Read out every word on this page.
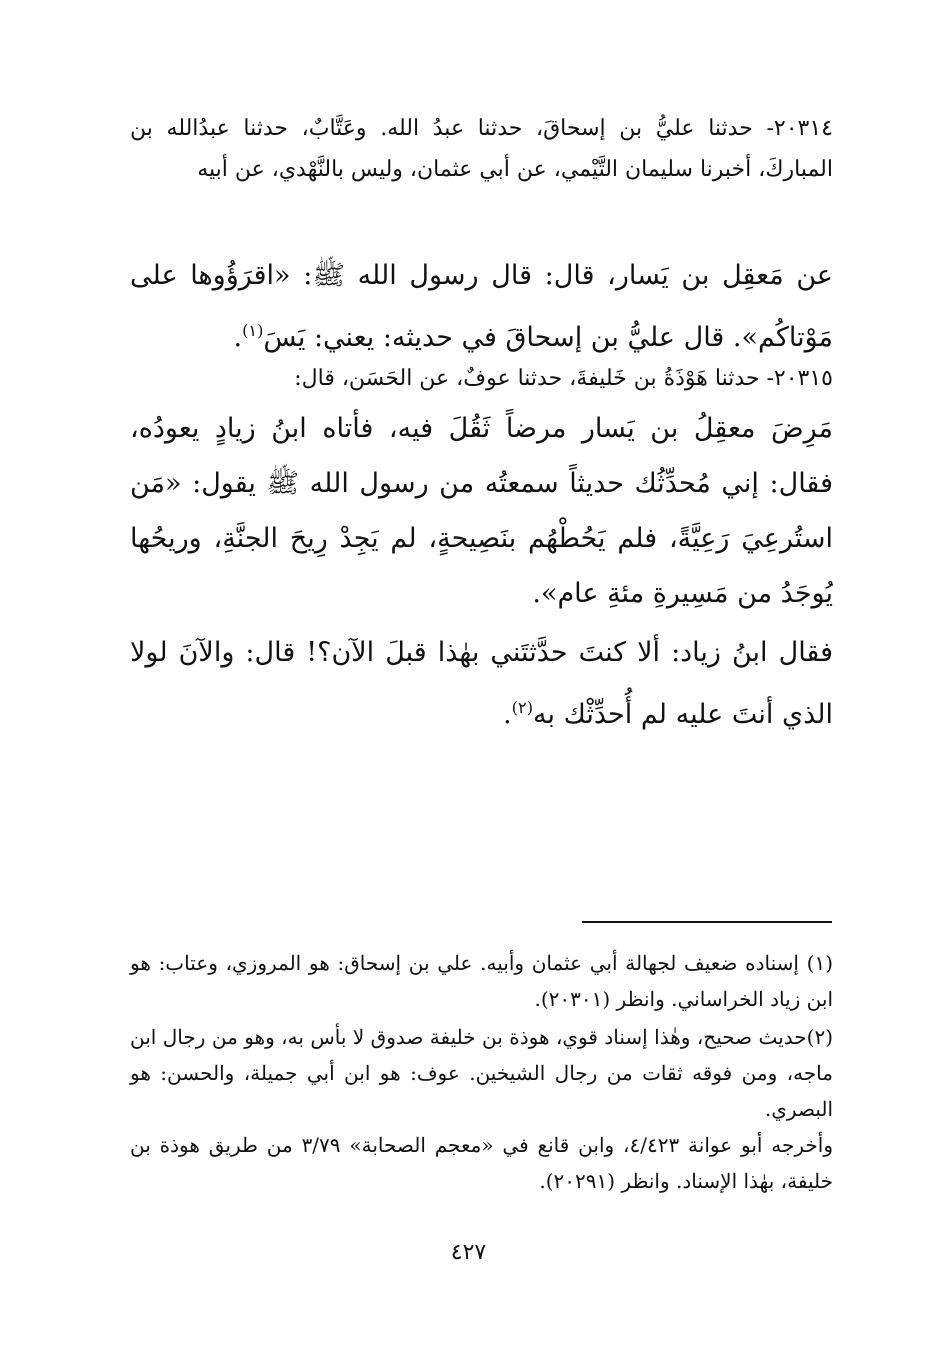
٢٠٣١٤- حدثنا عليُّ بن إسحاقَ، حدثنا عبدُ الله. وعَتَّابٌ، حدثنا عبدُالله بن المباركَ، أخبرنا سليمان التَّيْمي، عن أبي عثمان، وليس بالنَّهْدي، عن أبيه

عن مَعقِل بن يَسار، قال: قال رسول الله ﷺ: «اقرَؤُوها على مَوْتاكُم». قال عليُّ بن إسحاقَ في حديثه: يعني: يَسَ$^{(١)}$.

٢٠٣١٥- حدثنا هَوْذَةُ بن خَليفةَ، حدثنا عوفٌ، عن الحَسَن، قال:

مَرِضَ معقِلُ بن يَسار مرضاً ثَقُلَ فيه، فأتاه ابنُ زيادٍ يعودُه، فقال: إني مُحدِّثُك حديثاً سمعتُه من رسول الله ﷺ يقول: «مَن استُرعِيَ رَعِيَّةً، فلم يَحُطْهُم بنَصِيحةٍ، لم يَجِدْ رِيحَ الجنَّةِ، وريحُها يُوجَدُ من مَسِيرةِ مئةِ عام».

فقال ابنُ زياد: ألا كنتَ حدَّثتَني بهٰذا قبلَ الآن؟! قال: والآنَ لولا الذي أنتَ عليه لم أُحدِّثْك به$^{(٢)}$.

(١) إسناده ضعيف لجهالة أبي عثمان وأبيه. علي بن إسحاق: هو المروزي، وعتاب: هو ابن زياد الخراساني. وانظر (٢٠٣٠١).

(٢)حديث صحيح، وهٰذا إسناد قوي، هوذة بن خليفة صدوق لا بأس به، وهو من رجال ابن ماجه، ومن فوقه ثقات من رجال الشيخين. عوف: هو ابن أبي جميلة، والحسن: هو البصري.

وأخرجه أبو عوانة ٤/٤٢٣، وابن قانع في «معجم الصحابة» ٣/٧٩ من طريق هوذة بن خليفة، بهٰذا الإسناد. وانظر (٢٠٢٩١).

٤٢٧
